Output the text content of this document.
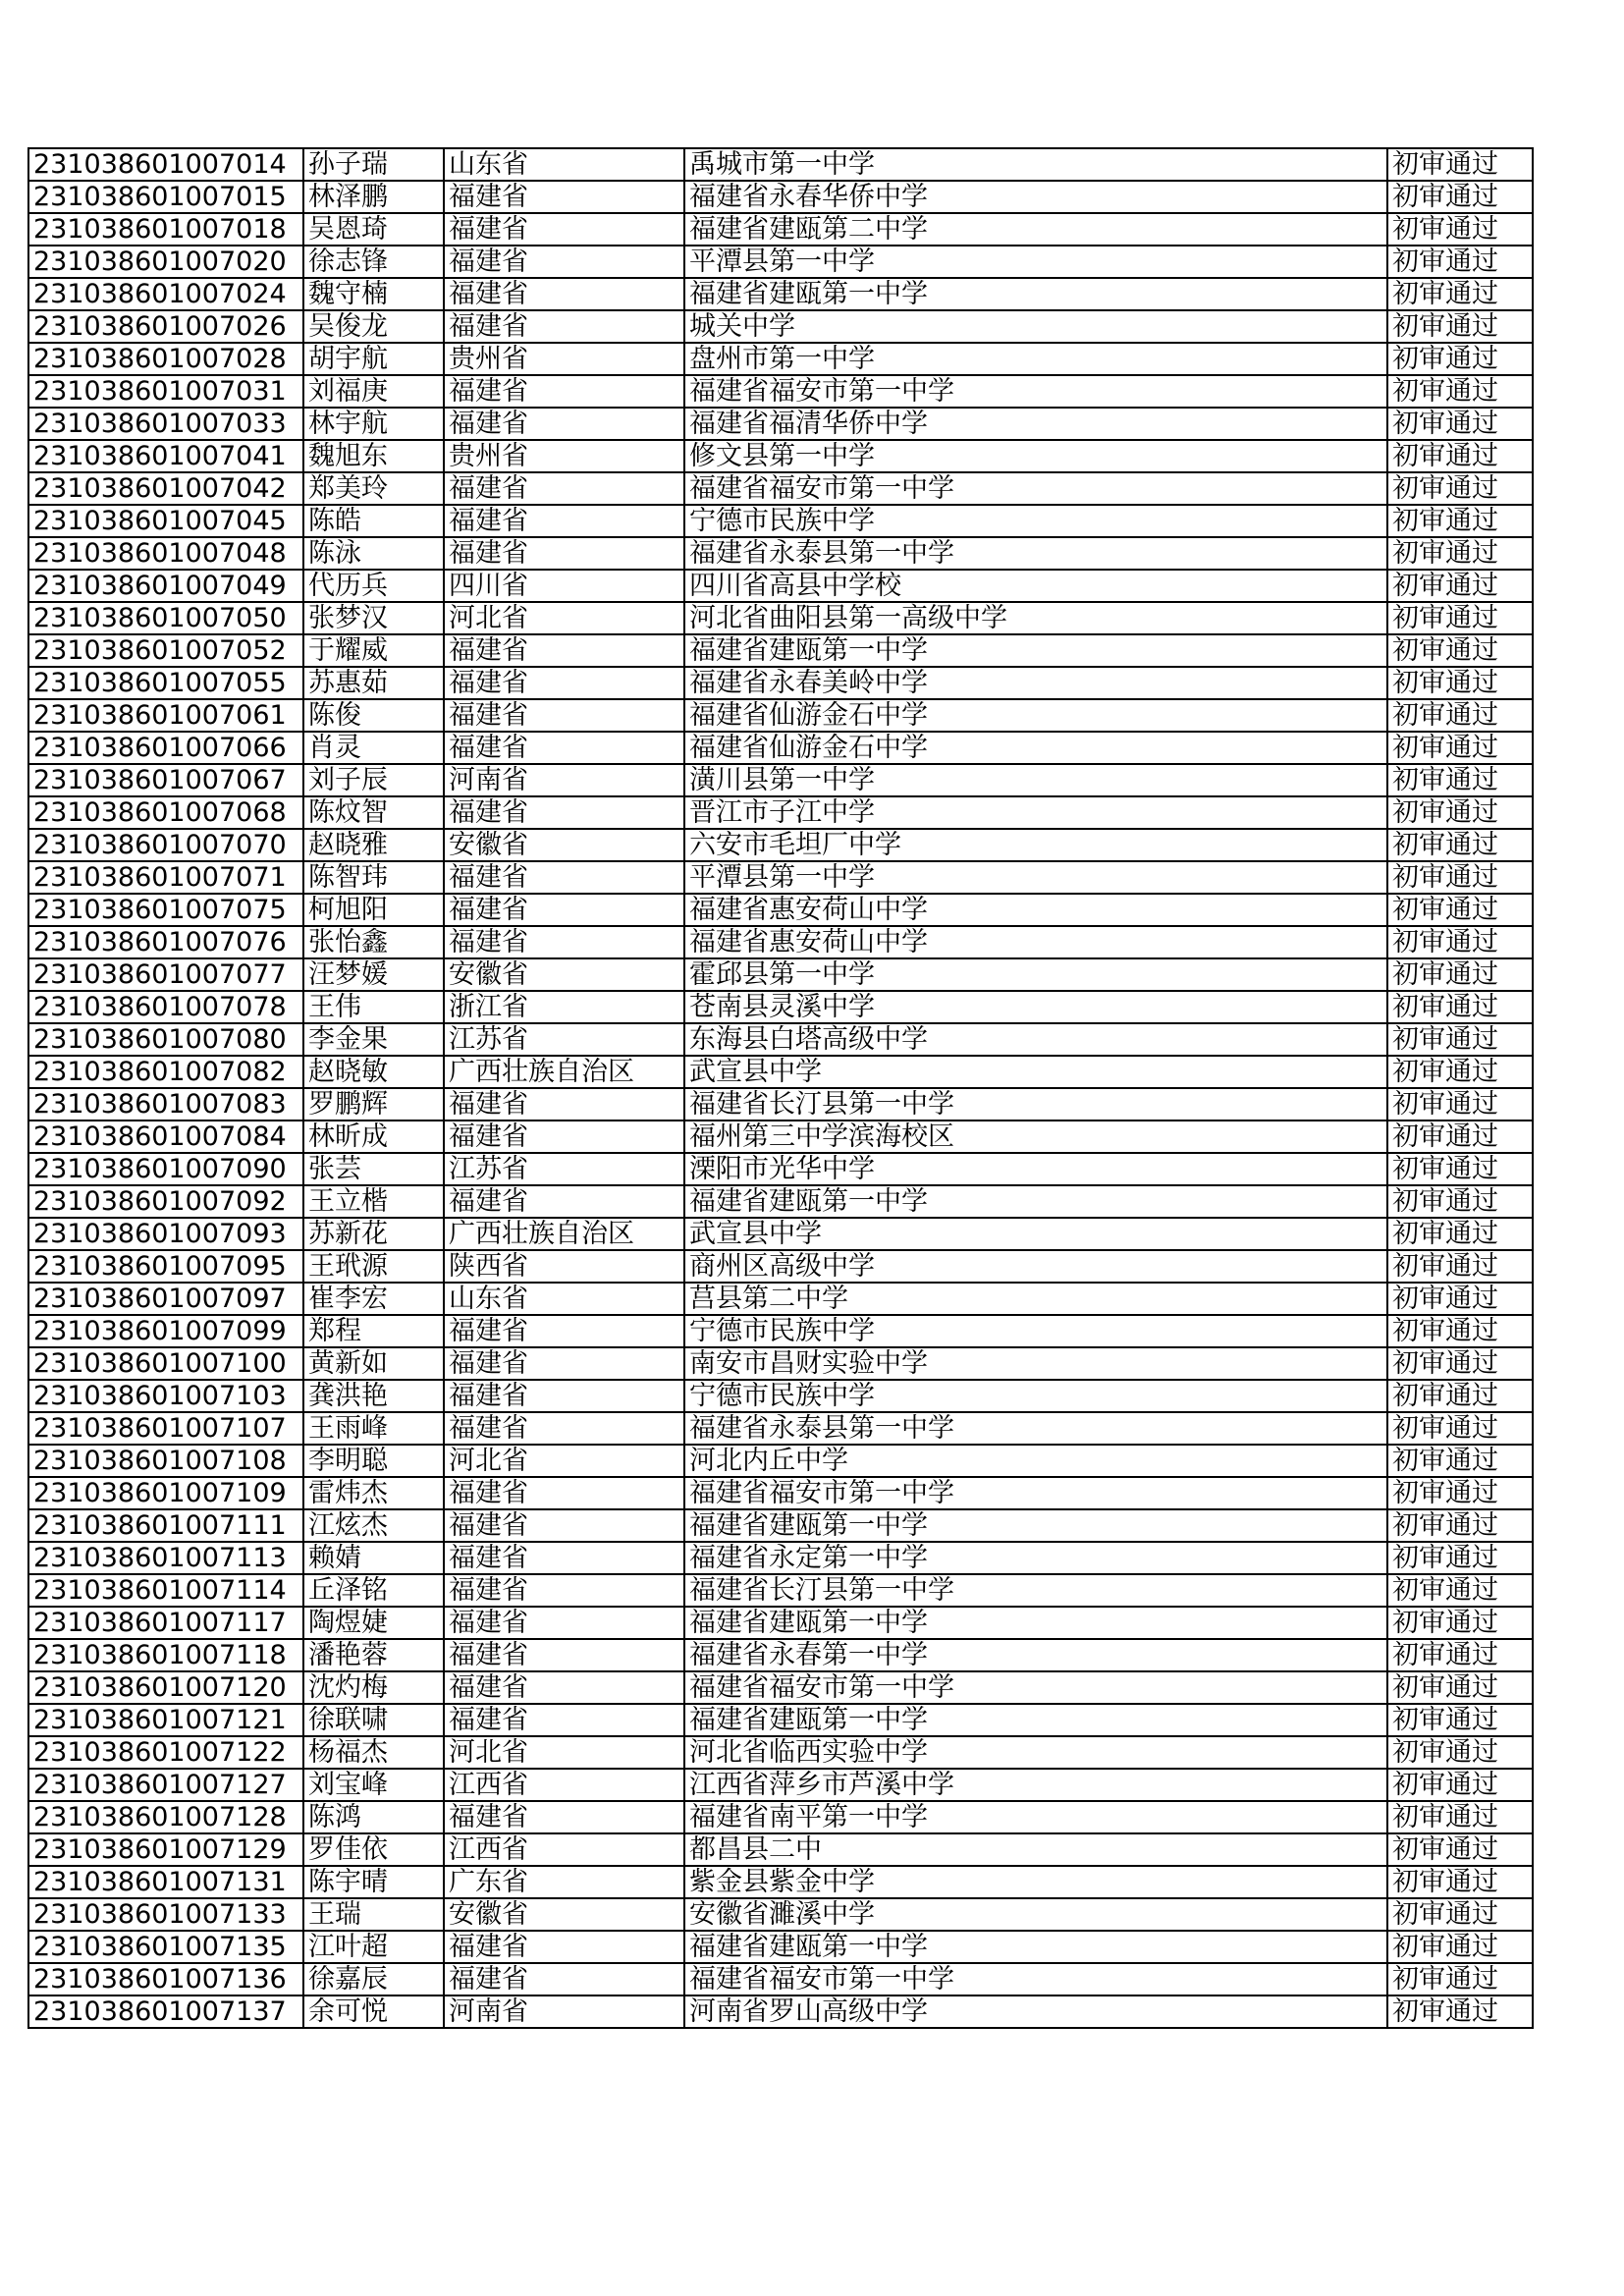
231038601007014	孙子瑞	山东省	禹城市第一中学	初审通过
231038601007015	林泽鹏	福建省	福建省永春华侨中学	初审通过
231038601007018	吴恩琦	福建省	福建省建瓯第二中学	初审通过
231038601007020	徐志锋	福建省	平潭县第一中学	初审通过
231038601007024	魏守楠	福建省	福建省建瓯第一中学	初审通过
231038601007026	吴俊龙	福建省	城关中学	初审通过
231038601007028	胡宇航	贵州省	盘州市第一中学	初审通过
231038601007031	刘福庚	福建省	福建省福安市第一中学	初审通过
231038601007033	林宇航	福建省	福建省福清华侨中学	初审通过
231038601007041	魏旭东	贵州省	修文县第一中学	初审通过
231038601007042	郑美玲	福建省	福建省福安市第一中学	初审通过
231038601007045	陈皓	福建省	宁德市民族中学	初审通过
231038601007048	陈泳	福建省	福建省永泰县第一中学	初审通过
231038601007049	代历兵	四川省	四川省高县中学校	初审通过
231038601007050	张梦汉	河北省	河北省曲阳县第一高级中学	初审通过
231038601007052	于耀威	福建省	福建省建瓯第一中学	初审通过
231038601007055	苏惠茹	福建省	福建省永春美岭中学	初审通过
231038601007061	陈俊	福建省	福建省仙游金石中学	初审通过
231038601007066	肖灵	福建省	福建省仙游金石中学	初审通过
231038601007067	刘子辰	河南省	潢川县第一中学	初审通过
231038601007068	陈炆智	福建省	晋江市子江中学	初审通过
231038601007070	赵晓雅	安徽省	六安市毛坦厂中学	初审通过
231038601007071	陈智玮	福建省	平潭县第一中学	初审通过
231038601007075	柯旭阳	福建省	福建省惠安荷山中学	初审通过
231038601007076	张怡鑫	福建省	福建省惠安荷山中学	初审通过
231038601007077	汪梦媛	安徽省	霍邱县第一中学	初审通过
231038601007078	王伟	浙江省	苍南县灵溪中学	初审通过
231038601007080	李金果	江苏省	东海县白塔高级中学	初审通过
231038601007082	赵晓敏	广西壮族自治区	武宣县中学	初审通过
231038601007083	罗鹏辉	福建省	福建省长汀县第一中学	初审通过
231038601007084	林昕成	福建省	福州第三中学滨海校区	初审通过
231038601007090	张芸	江苏省	溧阳市光华中学	初审通过
231038601007092	王立楷	福建省	福建省建瓯第一中学	初审通过
231038601007093	苏新花	广西壮族自治区	武宣县中学	初审通过
231038601007095	王玳源	陕西省	商州区高级中学	初审通过
231038601007097	崔李宏	山东省	莒县第二中学	初审通过
231038601007099	郑程	福建省	宁德市民族中学	初审通过
231038601007100	黄新如	福建省	南安市昌财实验中学	初审通过
231038601007103	龚洪艳	福建省	宁德市民族中学	初审通过
231038601007107	王雨峰	福建省	福建省永泰县第一中学	初审通过
231038601007108	李明聪	河北省	河北内丘中学	初审通过
231038601007109	雷炜杰	福建省	福建省福安市第一中学	初审通过
231038601007111	江炫杰	福建省	福建省建瓯第一中学	初审通过
231038601007113	赖婧	福建省	福建省永定第一中学	初审通过
231038601007114	丘泽铭	福建省	福建省长汀县第一中学	初审通过
231038601007117	陶煜婕	福建省	福建省建瓯第一中学	初审通过
231038601007118	潘艳蓉	福建省	福建省永春第一中学	初审通过
231038601007120	沈灼梅	福建省	福建省福安市第一中学	初审通过
231038601007121	徐联啸	福建省	福建省建瓯第一中学	初审通过
231038601007122	杨福杰	河北省	河北省临西实验中学	初审通过
231038601007127	刘宝峰	江西省	江西省萍乡市芦溪中学	初审通过
231038601007128	陈鸿	福建省	福建省南平第一中学	初审通过
231038601007129	罗佳依	江西省	都昌县二中	初审通过
231038601007131	陈宇晴	广东省	紫金县紫金中学	初审通过
231038601007133	王瑞	安徽省	安徽省濉溪中学	初审通过
231038601007135	江叶超	福建省	福建省建瓯第一中学	初审通过
231038601007136	徐嘉辰	福建省	福建省福安市第一中学	初审通过
231038601007137	余可悦	河南省	河南省罗山高级中学	初审通过
